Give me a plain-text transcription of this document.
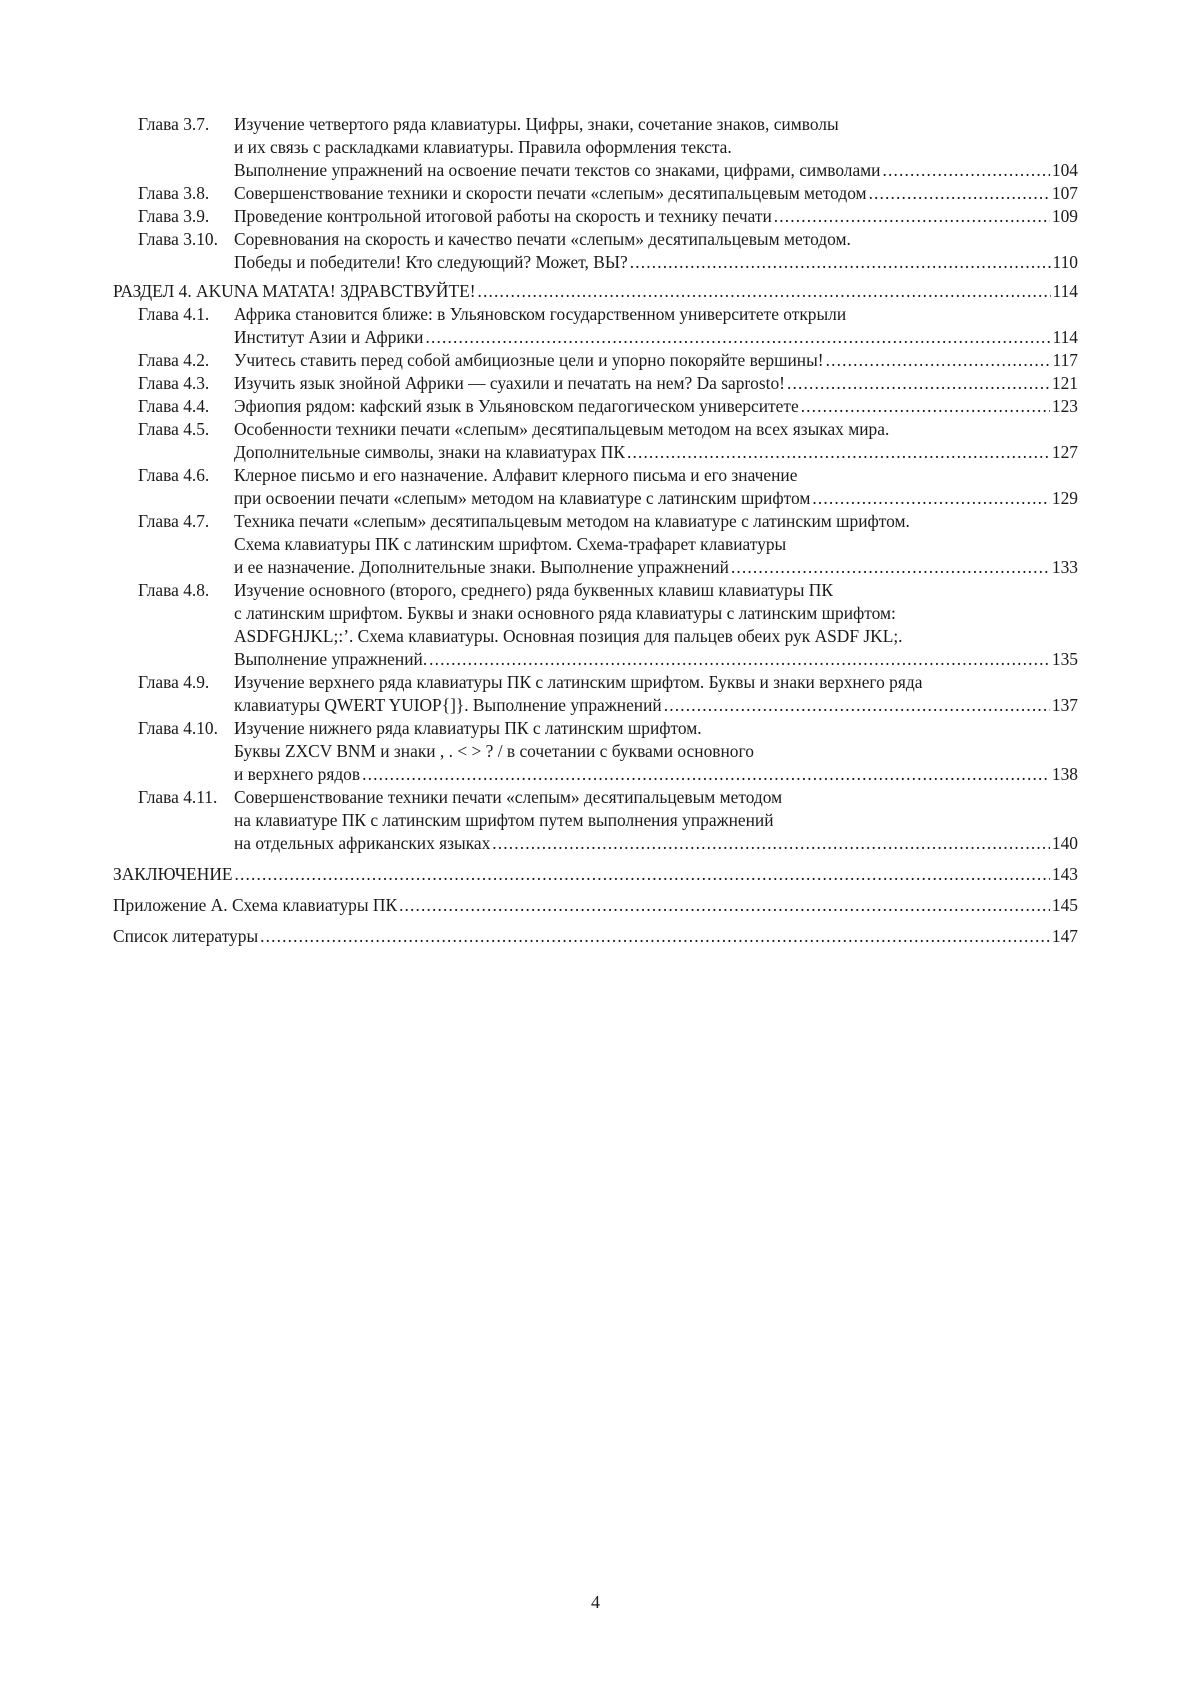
Глава 3.7. Изучение четвертого ряда клавиатуры. Цифры, знаки, сочетание знаков, символы
и их связь с раскладками клавиатуры. Правила оформления текста.
Выполнение упражнений на освоение печати текстов со знаками, цифрами, символами . . .	104
Глава 3.8. Совершенствование техники и скорости печати «слепым» десятипальцевым методом . . .	107
Глава 3.9. Проведение контрольной итоговой работы на скорость и технику печати . . .	109
Глава 3.10. Соревнования на скорость и качество печати «слепым» десятипальцевым методом.
Победы и победители! Кто следующий? Может, ВЫ? . . .	110
РАЗДЕЛ 4. AKUNA MATATA! ЗДРАВСТВУЙТЕ! . . .	114
Глава 4.1. Африка становится ближе: в Ульяновском государственном университете открыли
Институт Азии и Африки . . .	114
Глава 4.2. Учитесь ставить перед собой амбициозные цели и упорно покоряйте вершины! . . .	117
Глава 4.3. Изучить язык знойной Африки — суахили и печатать на нем? Da saprosto! . . .	121
Глава 4.4. Эфиопия рядом: кафский язык в Ульяновском педагогическом университете . . .	123
Глава 4.5. Особенности техники печати «слепым» десятипальцевым методом на всех языках мира.
Дополнительные символы, знаки на клавиатурах ПК . . .	127
Глава 4.6. Клерное письмо и его назначение. Алфавит клерного письма и его значение
при освоении печати «слепым» методом на клавиатуре с латинским шрифтом . . .	129
Глава 4.7. Техника печати «слепым» десятипальцевым методом на клавиатуре с латинским шрифтом.
Схема клавиатуры ПК с латинским шрифтом. Схема-трафарет клавиатуры
и ее назначение. Дополнительные знаки. Выполнение упражнений . . .	133
Глава 4.8. Изучение основного (второго, среднего) ряда буквенных клавиш клавиатуры ПК
с латинским шрифтом. Буквы и знаки основного ряда клавиатуры с латинским шрифтом:
ASDFGHJKL;:’. Схема клавиатуры. Основная позиция для пальцев обеих рук ASDF JKL;.
Выполнение упражнений. . . .	135
Глава 4.9. Изучение верхнего ряда клавиатуры ПК с латинским шрифтом. Буквы и знаки верхнего ряда
клавиатуры QWERT YUIOP{]}. Выполнение упражнений . . .	137
Глава 4.10. Изучение нижнего ряда клавиатуры ПК с латинским шрифтом.
Буквы ZXCV BNM и знаки , . < > ? / в сочетании с буквами основного
и верхнего рядов . . .	138
Глава 4.11. Совершенствование техники печати «слепым» десятипальцевым методом
на клавиатуре ПК с латинским шрифтом путем выполнения упражнений
на отдельных африканских языках . . .	140
ЗАКЛЮЧЕНИЕ . . .	143
Приложение А. Схема клавиатуры ПК . . .	145
Список литературы . . .	147
4
